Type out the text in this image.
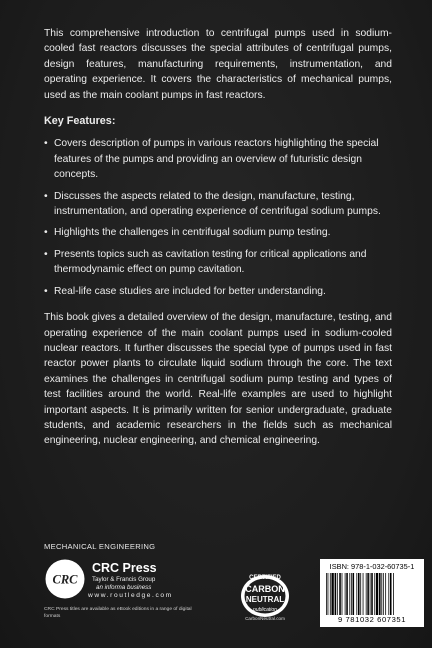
This comprehensive introduction to centrifugal pumps used in sodium-cooled fast reactors discusses the special attributes of centrifugal pumps, design features, manufacturing requirements, instrumentation, and operating experience. It covers the characteristics of mechanical pumps, used as the main coolant pumps in fast reactors.

Key Features:
• Covers description of pumps in various reactors highlighting the special features of the pumps and providing an overview of futuristic design concepts.
• Discusses the aspects related to the design, manufacture, testing, instrumentation, and operating experience of centrifugal sodium pumps.
• Highlights the challenges in centrifugal sodium pump testing.
• Presents topics such as cavitation testing for critical applications and thermodynamic effect on pump cavitation.
• Real-life case studies are included for better understanding.

This book gives a detailed overview of the design, manufacture, testing, and operating experience of the main coolant pumps used in sodium-cooled nuclear reactors. It further discusses the special type of pumps used in fast reactor power plants to circulate liquid sodium through the core. The text examines the challenges in centrifugal sodium pump testing and types of test facilities around the world. Real-life examples are used to highlight important aspects. It is primarily written for senior undergraduate, graduate students, and academic researchers in the fields such as mechanical engineering, nuclear engineering, and chemical engineering.

MECHANICAL ENGINEERING
CRC
CRC Press
Taylor & Francis Group
an informa business
www.routledge.com
CRC Press titles are available as eBook editions in a range of digital formats
CERTIFIED
CARBON
NEUTRAL
publication
CarbonNeutral.com
ISBN: 978-1-032-60735-1
9 781032 607351
